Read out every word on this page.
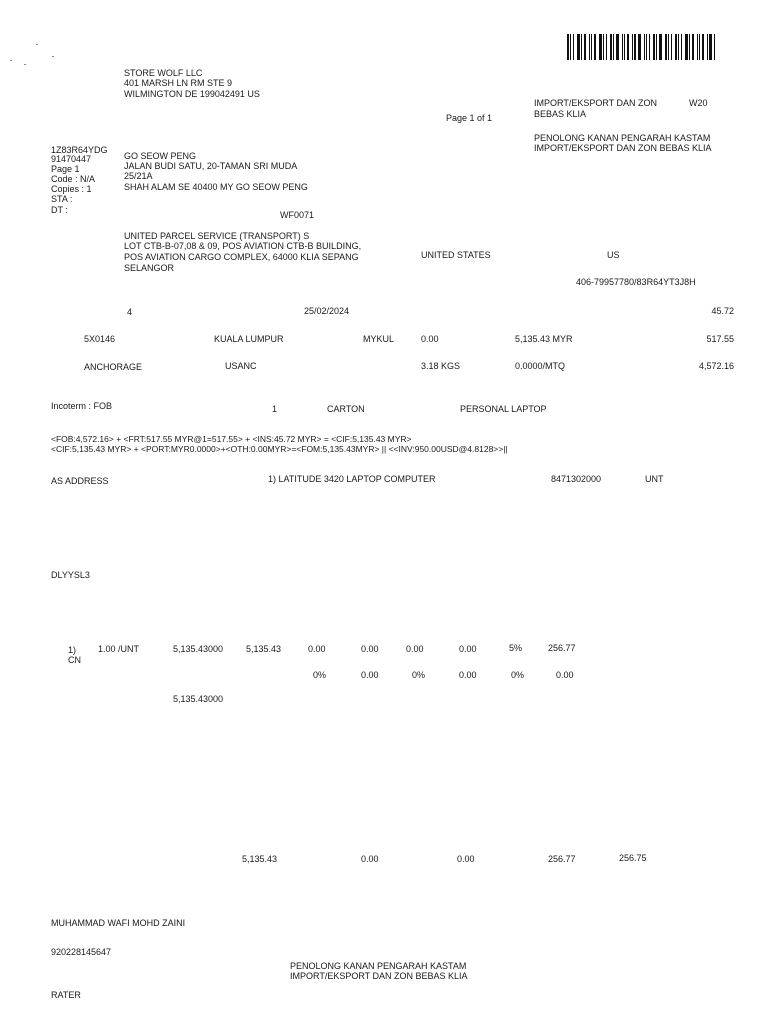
STORE WOLF LLC
401 MARSH LN RM STE 9
WILMINGTON DE 199042491 US
Page 1 of 1
IMPORT/EKSPORT DAN ZON BEBAS KLIA
W20
PENOLONG KANAN PENGARAH KASTAM
IMPORT/EKSPORT DAN ZON BEBAS KLIA
1Z83R64YDG
91470447
Page 1
Code : N/A
Copies : 1
STA :
DT :
GO SEOW PENG
JALAN BUDI SATU, 20-TAMAN SRI MUDA
25/21A
SHAH ALAM SE 40400 MY GO SEOW PENG
WF0071
UNITED PARCEL SERVICE (TRANSPORT) S
LOT CTB-B-07,08 & 09, POS AVIATION CTB-B BUILDING,
POS AVIATION CARGO COMPLEX, 64000 KLIA SEPANG
SELANGOR
UNITED STATES	US
406-79957780/83R64YT3J8H
4	25/02/2024	45.72
5X0146	KUALA LUMPUR	MYKUL	0.00	5,135.43 MYR	517.55
ANCHORAGE	USANC	3.18 KGS	0.0000/MTQ	4,572.16
Incoterm : FOB	1	CARTON	PERSONAL LAPTOP
<FOB:4,572.16> + <FRT:517.55 MYR@1=517.55> + <INS:45.72 MYR> = <CIF:5,135.43 MYR>
<CIF:5,135.43 MYR> + <PORT:MYR0.0000>+<OTH:0.00MYR>=<FOM:5,135.43MYR> || <<INV:950.00USD@4.8128>>||
AS ADDRESS	1) LATITUDE 3420 LAPTOP COMPUTER	8471302000	UNT
DLYYSL3
1)
CN
1.00 /UNT	5,135.43000	5,135.43	0.00	0.00	0.00	0.00	5%	256.77
0%	0.00	0%	0.00	0%	0.00
5,135.43000
5,135.43	0.00	0.00	256.77	256.75
MUHAMMAD WAFI MOHD ZAINI
920228145647
PENOLONG KANAN PENGARAH KASTAM
IMPORT/EKSPORT DAN ZON BEBAS KLIA
RATER
